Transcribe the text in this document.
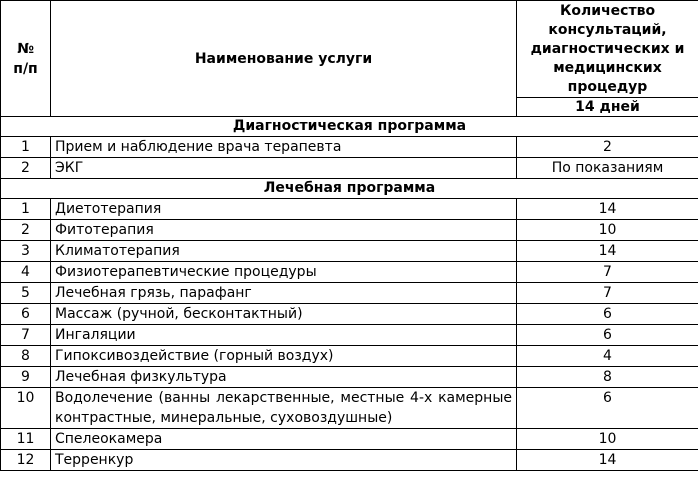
№
п/п	Наименование услуги	Количество консультаций, диагностических и медицинских процедур
		14 дней
Диагностическая программа		
1	Прием и наблюдение врача терапевта	2
2	ЭКГ	По показаниям
Лечебная программа		
1	Диетотерапия	14
2	Фитотерапия	10
3	Климатотерапия	14
4	Физиотерапевтические процедуры	7
5	Лечебная грязь, парафанг	7
6	Массаж (ручной, бесконтактный)	6
7	Ингаляции	6
8	Гипоксивоздействие (горный воздух)	4
9	Лечебная физкультура	8
10	Водолечение (ванны лекарственные, местные 4-х камерные контрастные, минеральные, суховоздушные)	6
11	Спелеокамера	10
12	Терренкур	14
